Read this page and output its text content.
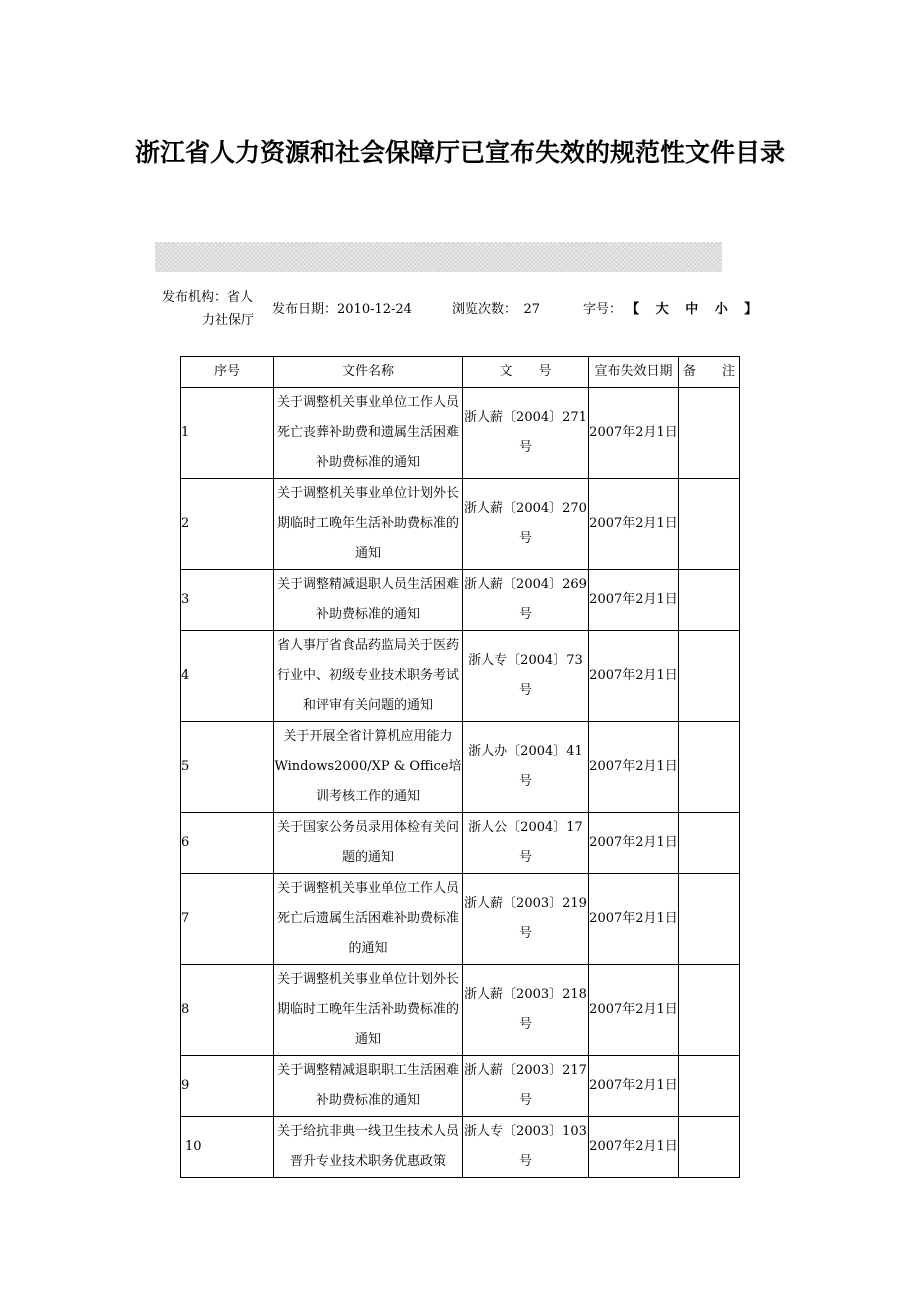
浙江省人力资源和社会保障厅已宣布失效的规范性文件目录
发布机构：省人
力社保厅
发布日期：2010-12-24	浏览次数：　27	字号： 【 大 中 小 】
序号	文件名称	文　　号	宣布失效日期	备　　注
1	关于调整机关事业单位工作人员死亡丧葬补助费和遗属生活困难补助费标准的通知	浙人薪〔2004〕271号	2007年2月1日	
2	关于调整机关事业单位计划外长期临时工晚年生活补助费标准的通知	浙人薪〔2004〕270号	2007年2月1日	
3	关于调整精减退职人员生活困难补助费标准的通知	浙人薪〔2004〕269号	2007年2月1日	
4	省人事厅省食品药监局关于医药行业中、初级专业技术职务考试和评审有关问题的通知	浙人专〔2004〕73号	2007年2月1日	
5	关于开展全省计算机应用能力Windows2000/XP & Office培训考核工作的通知	浙人办〔2004〕41号	2007年2月1日	
6	关于国家公务员录用体检有关问题的通知	浙人公〔2004〕17号	2007年2月1日	
7	关于调整机关事业单位工作人员死亡后遗属生活困难补助费标准的通知	浙人薪〔2003〕219号	2007年2月1日	
8	关于调整机关事业单位计划外长期临时工晚年生活补助费标准的通知	浙人薪〔2003〕218号	2007年2月1日	
9	关于调整精减退职职工生活困难补助费标准的通知	浙人薪〔2003〕217号	2007年2月1日	
10	关于给抗非典一线卫生技术人员晋升专业技术职务优惠政策	浙人专〔2003〕103号	2007年2月1日	
